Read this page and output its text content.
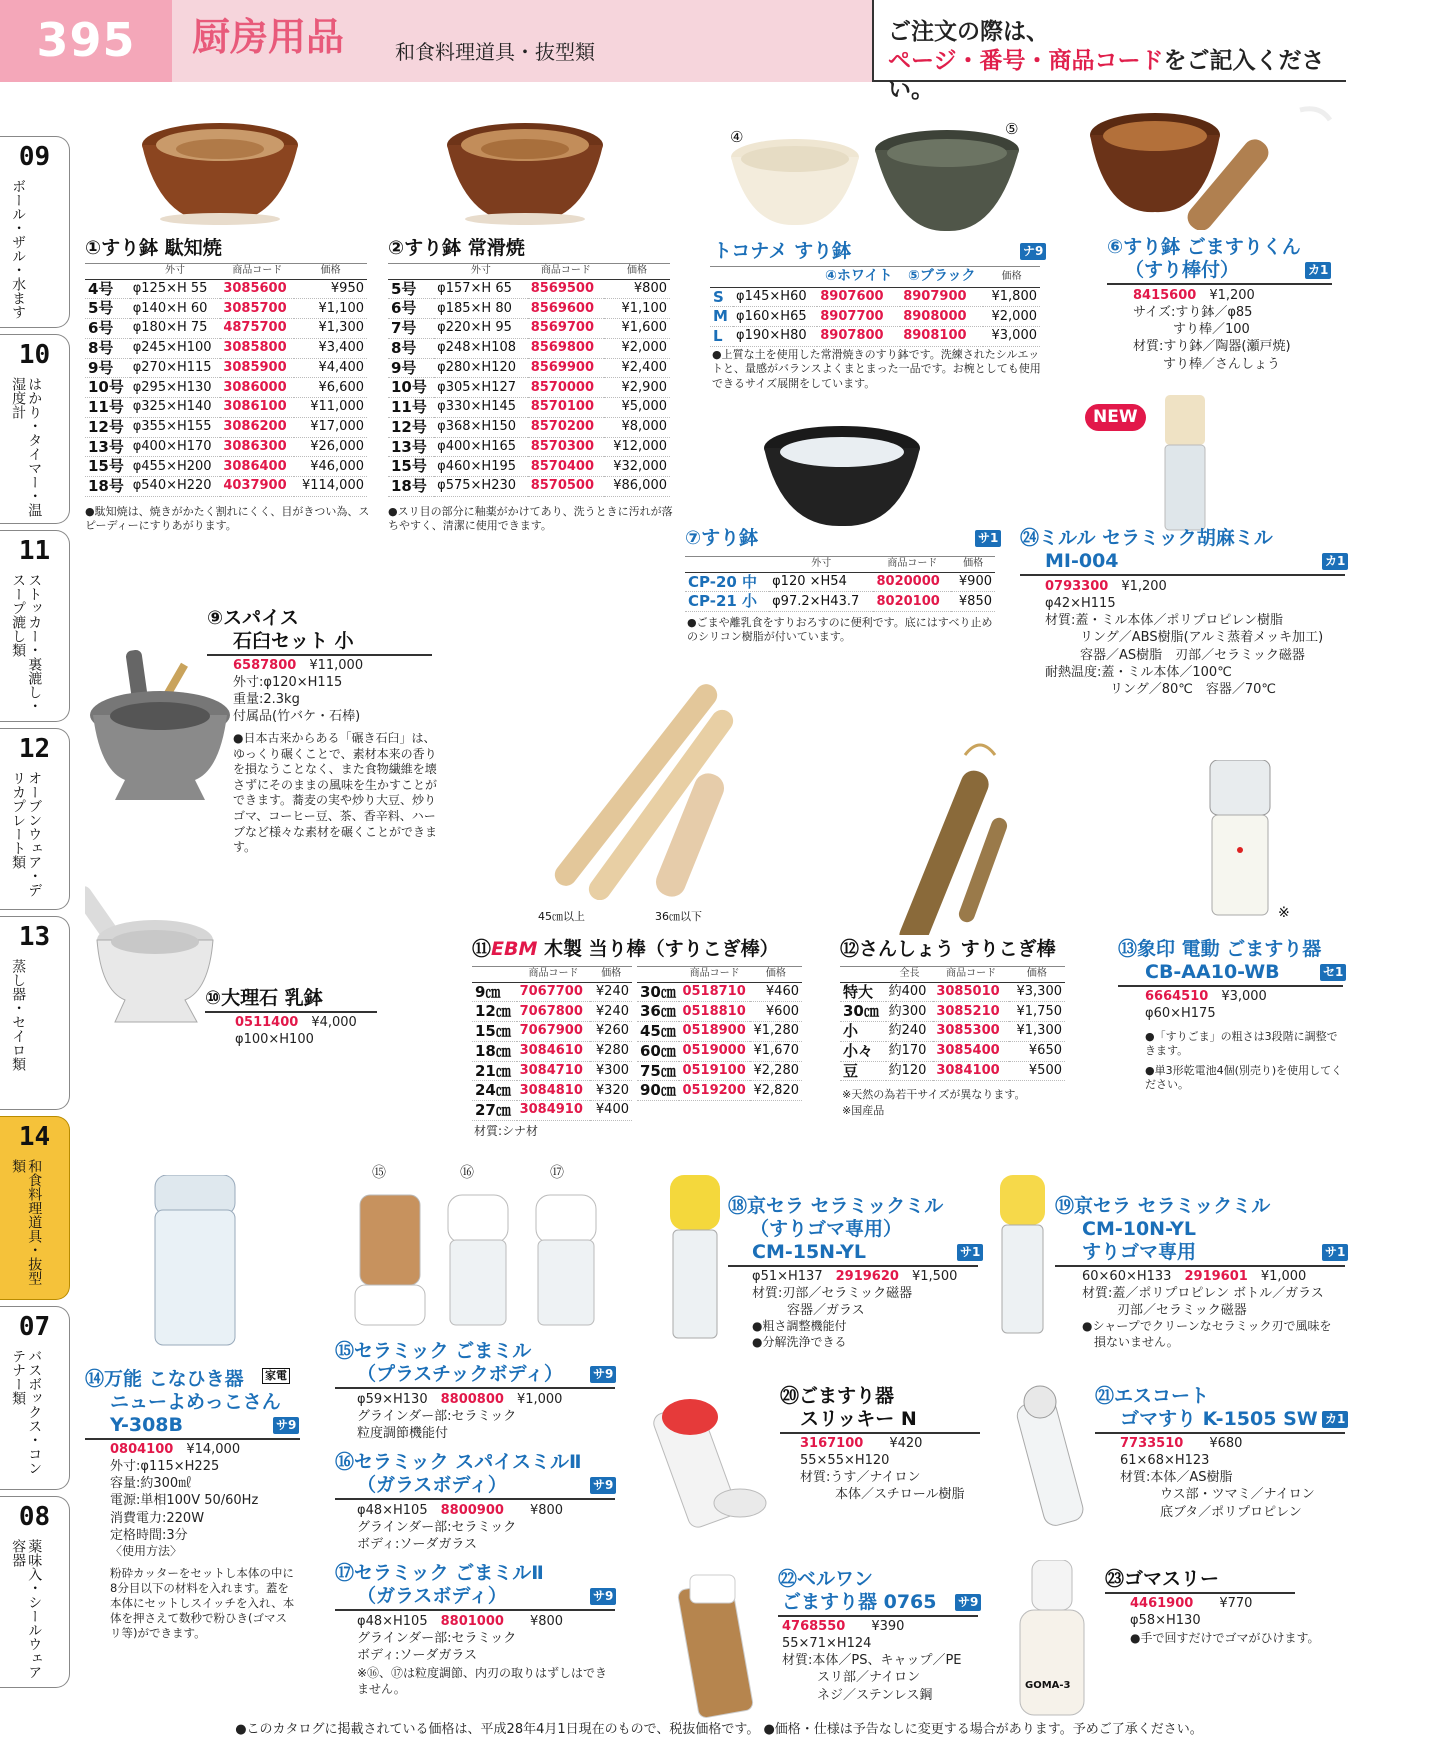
395	厨房用品	和食料理道具・抜型類
ご注文の際は、
ページ・番号・商品コードをご記入ください。
09
ボール・ザル・水ます
10
はかり・タイマー・温湿度計
11
ストッカー・裏漉し・スープ漉し類
12
オーブンウェア・デリカプレート類
13
蒸し器・セイロ類
14
和食料理道具・抜型類
07
バスボックス・コンテナー類
08
薬味入・シールウェア容器
①すり鉢 駄知焼
	外寸	商品コード	価格
4号	φ125×H 55	3085600	¥950
5号	φ140×H 60	3085700	¥1,100
6号	φ180×H 75	4875700	¥1,300
8号	φ245×H100	3085800	¥3,400
9号	φ270×H115	3085900	¥4,400
10号	φ295×H130	3086000	¥6,600
11号	φ325×H140	3086100	¥11,000
12号	φ355×H155	3086200	¥17,000
13号	φ400×H170	3086300	¥26,000
15号	φ455×H200	3086400	¥46,000
18号	φ540×H220	4037900	¥114,000
●駄知焼は、焼きがかたく割れにくく、目がきつい為、スピーディーにすりあがります。
②すり鉢 常滑焼
	外寸	商品コード	価格
5号	φ157×H 65	8569500	¥800
6号	φ185×H 80	8569600	¥1,100
7号	φ220×H 95	8569700	¥1,600
8号	φ248×H108	8569800	¥2,000
9号	φ280×H120	8569900	¥2,400
10号	φ305×H127	8570000	¥2,900
11号	φ330×H145	8570100	¥5,000
12号	φ368×H150	8570200	¥8,000
13号	φ400×H165	8570300	¥12,000
15号	φ460×H195	8570400	¥32,000
18号	φ575×H230	8570500	¥86,000
●スリ目の部分に釉薬がかけてあり、洗うときに汚れが落ちやすく、清潔に使用できます。
④	⑤
トコナメ すり鉢	ナ9
		④ホワイト	⑤ブラック	価格
S	φ145×H60	8907600	8907900	¥1,800
M	φ160×H65	8907700	8908000	¥2,000
L	φ190×H80	8907800	8908100	¥3,000
●上質な土を使用した常滑焼きのすり鉢です。洗練されたシルエットと、量感がバランスよくまとまった一品です。お椀としても使用できるサイズ展開をしています。
⑥すり鉢 ごますりくん
（すり棒付）	カ1
8415600　 ¥1,200
サイズ:すり鉢／φ85
すり棒／100
材質:すり鉢／陶器(瀬戸焼)
すり棒／さんしょう
⑦すり鉢	サ1
	外寸	商品コード	価格
CP-20 中	φ120 ×H54	8020000	¥900
CP-21 小	φ97.2×H43.7	8020100	¥850
●ごまや離乳食をすりおろすのに便利です。底にはすべり止めのシリコン樹脂が付いています。
NEW
㉔ミルル セラミック胡麻ミル
MI-004	カ1
0793300　 ¥1,200
φ42×H115
材質:蓋・ミル本体／ポリプロピレン樹脂
リング／ABS樹脂(アルミ蒸着メッキ加工)
容器／AS樹脂　刃部／セラミック磁器
耐熱温度:蓋・ミル本体／100℃
リング／80℃　容器／70℃
⑨スパイス
石臼セット 小
6587800　 ¥11,000
外寸:φ120×H115
重量:2.3kg
付属品(竹バケ・石棒)
●日本古来からある「碾き石臼」は、ゆっくり碾くことで、素材本来の香りを損なうことなく、また食物繊維を壊さずにそのままの風味を生かすことができます。蕎麦の実や炒り大豆、炒りゴマ、コーヒー豆、茶、香辛料、ハーブなど様々な素材を碾くことができます。
⑩大理石 乳鉢
0511400　 ¥4,000
φ100×H100
45㎝以上	36㎝以下
⑪EBM 木製 当り棒（すりこぎ棒）
	商品コード	価格
9㎝	7067700	¥240
12㎝	7067800	¥240
15㎝	7067900	¥260
18㎝	3084610	¥280
21㎝	3084710	¥300
24㎝	3084810	¥320
27㎝	3084910	¥400
	商品コード	価格
30㎝	0518710	¥460
36㎝	0518810	¥600
45㎝	0518900	¥1,280
60㎝	0519000	¥1,670
75㎝	0519100	¥2,280
90㎝	0519200	¥2,820
材質:シナ材
⑫さんしょう すりこぎ棒
	全長	商品コード	価格
特大	約400	3085010	¥3,300
30㎝	約300	3085210	¥1,750
小	約240	3085300	¥1,300
小々	約170	3085400	¥650
豆	約120	3084100	¥500
※天然の為若干サイズが異なります。
※国産品
※
⑬象印 電動 ごますり器
CB-AA10-WB	セ1
6664510　 ¥3,000
φ60×H175
●「すりごま」の粗さは3段階に調整できます。
●単3形乾電池4個(別売り)を使用してください。
⑭万能 こなひき器 家電
ニューよめっこさん
Y-308B	サ9
0804100　 ¥14,000
外寸:φ115×H225
容量:約300㎖
電源:単相100V 50/60Hz
消費電力:220W
定格時間:3分
〈使用方法〉
粉砕カッターをセットし本体の中に8分目以下の材料を入れます。蓋を本体にセットしスイッチを入れ、本体を押さえて数秒で粉ひき(ゴマスリ等)ができます。
⑮	⑯	⑰
⑮セラミック ごまミル
（プラスチックボディ）	サ9
φ59×H130　 8800800　 ¥1,000
グラインダー部:セラミック
粒度調節機能付
⑯セラミック スパイスミルⅡ
（ガラスボディ）	サ9
φ48×H105　 8800900　　 ¥800
グラインダー部:セラミック
ボディ:ソーダガラス
⑰セラミック ごまミルⅡ
（ガラスボディ）	サ9
φ48×H105　 8801000　　 ¥800
グラインダー部:セラミック
ボディ:ソーダガラス
※⑯、⑰は粒度調節、内刃の取りはずしはできません。
⑱京セラ セラミックミル
（すりゴマ専用）
CM-15N-YL	サ1
φ51×H137　 2919620　 ¥1,500
材質:刃部／セラミック磁器
容器／ガラス
●粗さ調整機能付
●分解洗浄できる
⑲京セラ セラミックミル
CM-10N-YL
すりゴマ専用	サ1
60×60×H133　 2919601　 ¥1,000
材質:蓋／ポリプロピレン ボトル／ガラス
刃部／セラミック磁器
●シャープでクリーンなセラミック刃で風味を
損ないません。
⑳ごますり器
スリッキー N
3167100　　 ¥420
55×55×H120
材質:うす／ナイロン
本体／スチロール樹脂
㉑エスコート
ゴマすり K-1505 SW カ1
7733510　　 ¥680
61×68×H123
材質:本体／AS樹脂
ウス部・ツマミ／ナイロン
底ブタ／ポリプロピレン
㉒ベルワン
ごますり器 0765 サ9
4768550　　 ¥390
55×71×H124
材質:本体／PS、キャップ／PE
スリ部／ナイロン
ネジ／ステンレス鋼
GOMA-3
㉓ゴマスリー
4461900　　 ¥770
φ58×H130
●手で回すだけでゴマがひけます。
●このカタログに掲載されている価格は、平成28年4月1日現在のもので、税抜価格です。 ●価格・仕様は予告なしに変更する場合があります。予めご了承ください。
